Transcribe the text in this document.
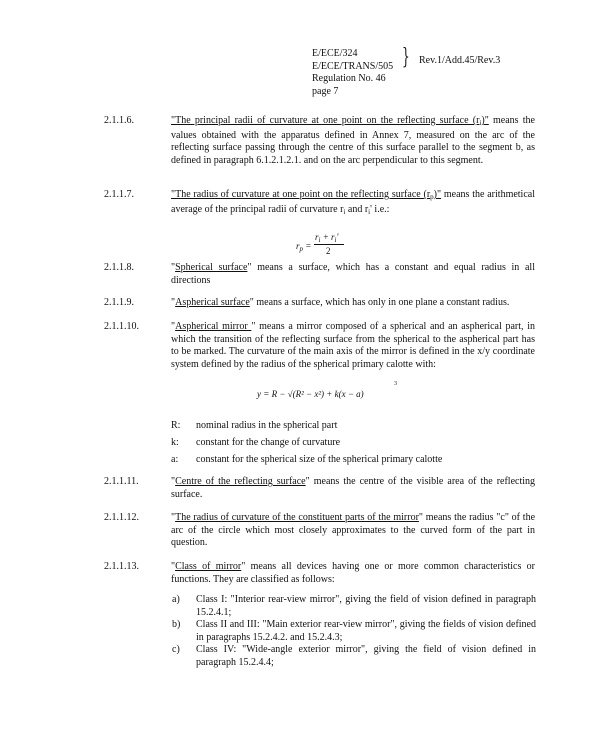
E/ECE/324
E/ECE/TRANS/505
Regulation No. 46
page 7
} Rev.1/Add.45/Rev.3
2.1.1.6.	"The principal radii of curvature at one point on the reflecting surface $(r_i)$" means the values obtained with the apparatus defined in Annex 7, measured on the arc of the reflecting surface passing through the centre of this surface parallel to the segment b, as defined in paragraph 6.1.2.1.2.1. and on the arc perpendicular to this segment.
2.1.1.7.	"The radius of curvature at one point on the reflecting surface $(r_p)$" means the arithmetical average of the principal radii of curvature $r_i$ and $r_i'$ i.e.:
$r_p$ =
$r_i + r_i'$
2
2.1.1.8.	"Spherical surface" means a surface, which has a constant and equal radius in all directions
2.1.1.9.	"Aspherical surface" means a surface, which has only in one plane a constant radius.
2.1.1.10.	"Aspherical mirror " means a mirror composed of a spherical and an aspherical part, in which the transition of the reflecting surface from the spherical to the aspherical part has to be marked. The curvature of the main axis of the mirror is defined in the x/y coordinate system defined by the radius of the spherical primary calotte with:
y = R − √(R² − x²) + k(x − a)
3
R: nominal radius in the spherical part
k: constant for the change of curvature
a: constant for the spherical size of the spherical primary calotte
2.1.1.11.	"Centre of the reflecting surface" means the centre of the visible area of the reflecting surface.
2.1.1.12.	"The radius of curvature of the constituent parts of the mirror" means the radius "c" of the arc of the circle which most closely approximates to the curved form of the part in question.
2.1.1.13.	"Class of mirror" means all devices having one or more common characteristics or functions. They are classified as follows:
a) Class I: "Interior rear-view mirror", giving the field of vision defined in paragraph 15.2.4.1;
b) Class II and III: "Main exterior rear-view mirror", giving the fields of vision defined in paragraphs 15.2.4.2. and 15.2.4.3;
c) Class IV: "Wide-angle exterior mirror", giving the field of vision defined in paragraph 15.2.4.4;
